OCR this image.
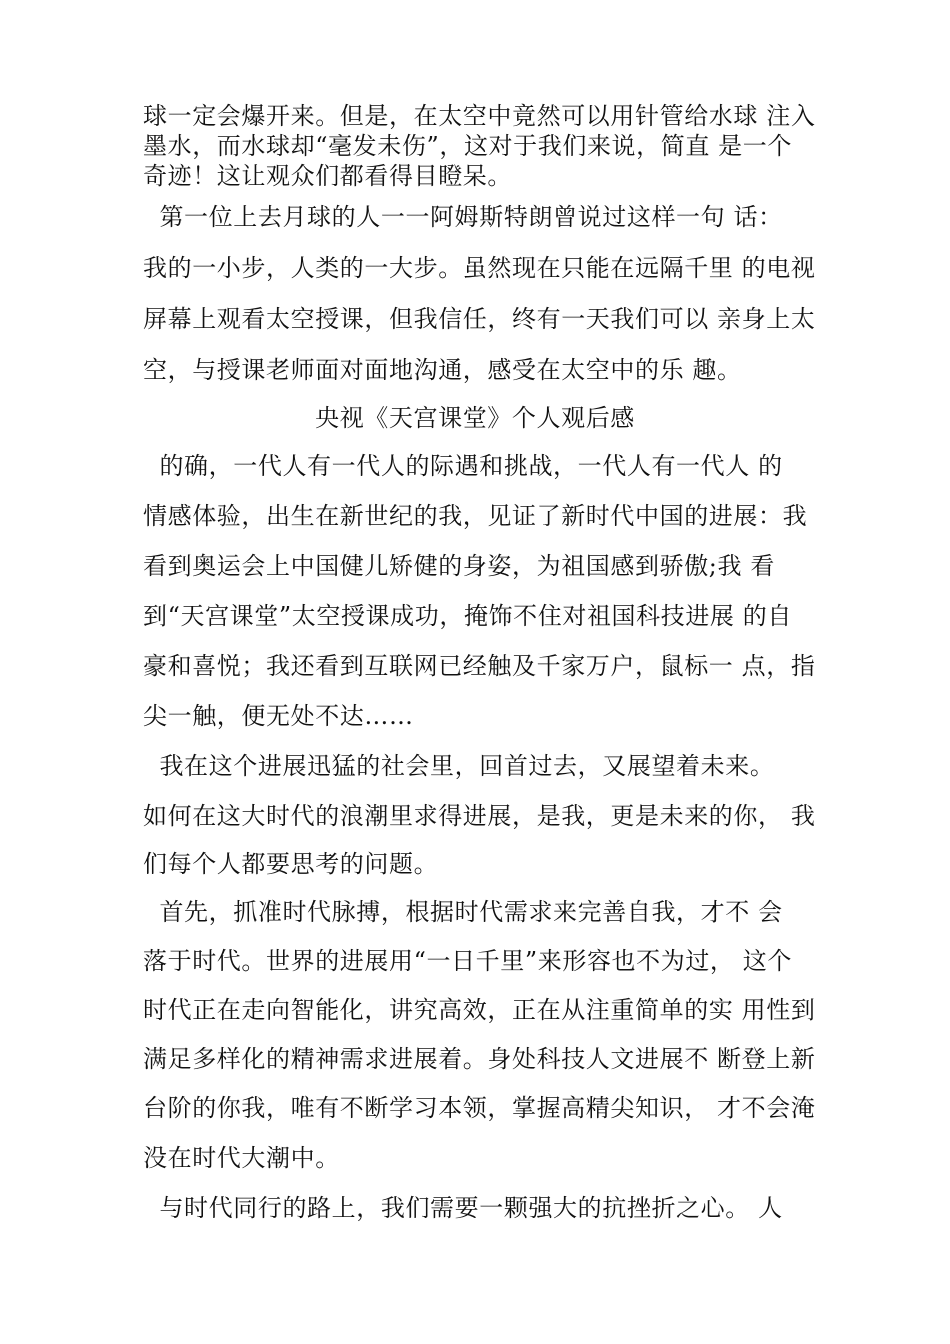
球一定会爆开来。但是，在太空中竟然可以用针管给水球 注入
墨水，而水球却“毫发未伤”，这对于我们来说，简直 是一个
奇迹！这让观众们都看得目瞪呆。
第一位上去月球的人一一阿姆斯特朗曾说过这样一句 话：
我的一小步，人类的一大步。虽然现在只能在远隔千里 的电视
屏幕上观看太空授课，但我信任，终有一天我们可以 亲身上太
空，与授课老师面对面地沟通，感受在太空中的乐 趣。
央视《天宫课堂》个人观后感
的确，一代人有一代人的际遇和挑战，一代人有一代人 的
情感体验，出生在新世纪的我，见证了新时代中国的进展：我
看到奥运会上中国健儿矫健的身姿，为祖国感到骄傲;我 看
到“天宫课堂”太空授课成功，掩饰不住对祖国科技进展 的自
豪和喜悦；我还看到互联网已经触及千家万户，鼠标一 点，指
尖一触，便无处不达……
我在这个进展迅猛的社会里，回首过去，又展望着未来。
如何在这大时代的浪潮里求得进展，是我，更是未来的你， 我
们每个人都要思考的问题。
首先，抓准时代脉搏，根据时代需求来完善自我，才不 会
落于时代。世界的进展用“一日千里”来形容也不为过， 这个
时代正在走向智能化，讲究高效，正在从注重简单的实 用性到
满足多样化的精神需求进展着。身处科技人文进展不 断登上新
台阶的你我，唯有不断学习本领，掌握高精尖知识， 才不会淹
没在时代大潮中。
与时代同行的路上，我们需要一颗强大的抗挫折之心。 人
